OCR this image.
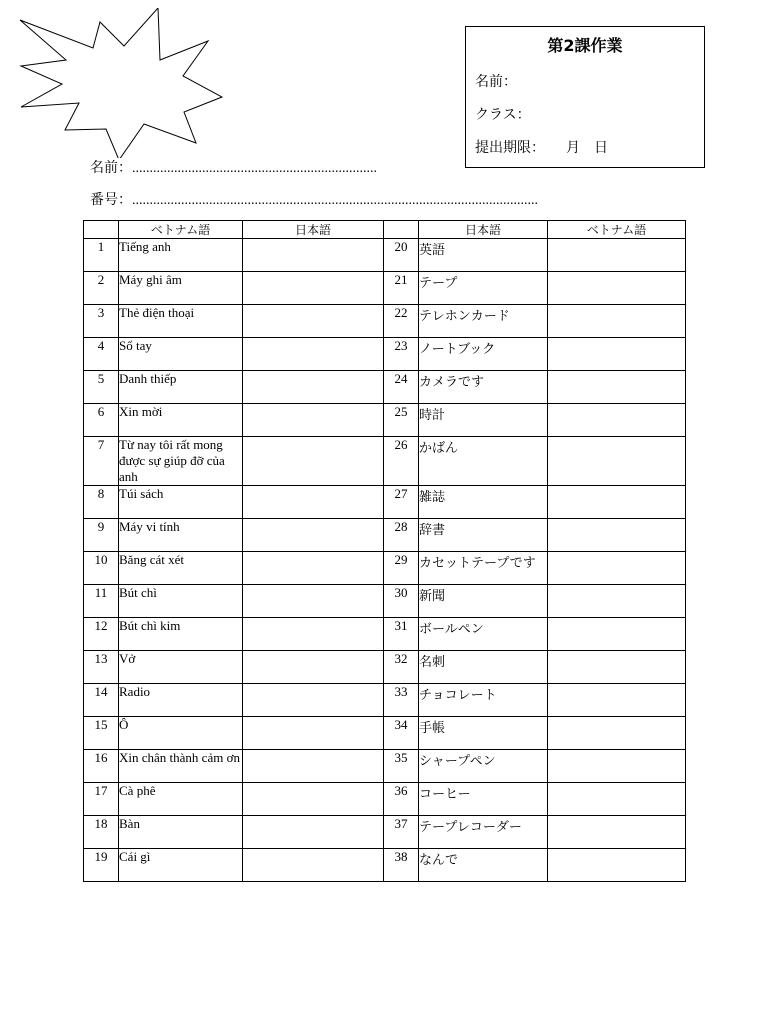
第2課作業
名前：
クラス：
提出期限：　　月　日
名前：......................................................................
番号：....................................................................................................................
	ベトナム語	日本語		日本語	ベトナム語
1	Tiếng anh		20	英語	
2	Máy ghi âm		21	テープ	
3	Thẻ điện thoại		22	テレホンカード	
4	Sổ tay		23	ノートブック	
5	Danh thiếp		24	カメラです	
6	Xin mời		25	時計	
7	Từ nay tôi rất mong được sự giúp đỡ của anh		26	かばん	
8	Túi sách		27	雑誌	
9	Máy vi tính		28	辞書	
10	Băng cát xét		29	カセットテープです	
11	Bút chì		30	新聞	
12	Bút chì kim		31	ボールペン	
13	Vở		32	名刺	
14	Radio		33	チョコレート	
15	Ô		34	手帳	
16	Xin chân thành cảm ơn		35	シャープペン	
17	Cà phê		36	コーヒー	
18	Bàn		37	テープレコーダー	
19	Cái gì		38	なんで	
